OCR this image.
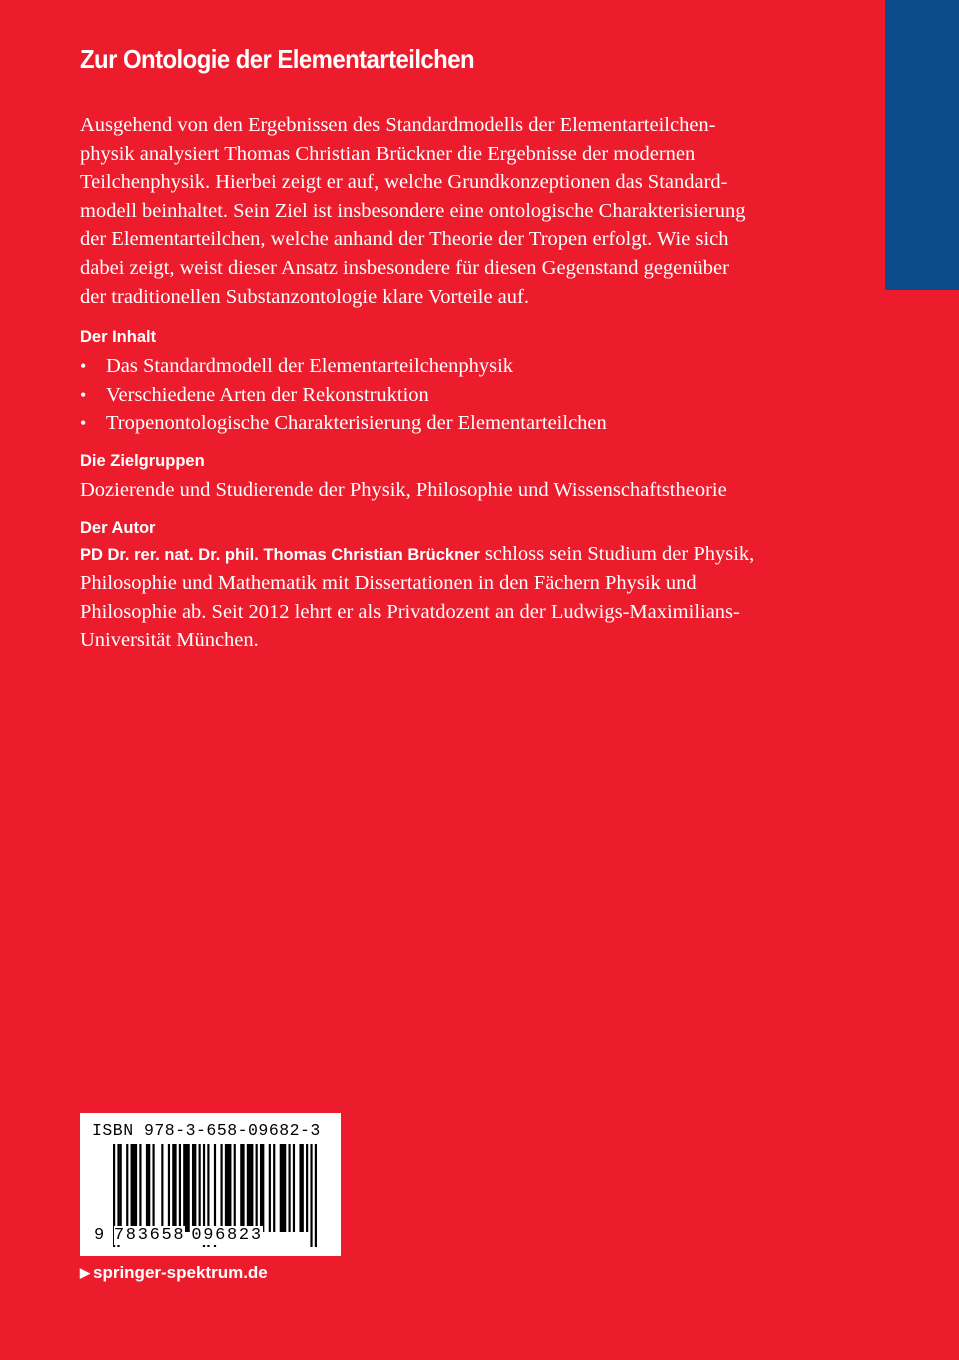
Zur Ontologie der Elementarteilchen

Ausgehend von den Ergebnissen des Standardmodells der Elementarteilchen-
physik analysiert Thomas Christian Brückner die Ergebnisse der modernen
Teilchenphysik. Hierbei zeigt er auf, welche Grundkonzeptionen das Standard-
modell beinhaltet. Sein Ziel ist insbesondere eine ontologische Charakterisierung
der Elementarteilchen, welche anhand der Theorie der Tropen erfolgt. Wie sich
dabei zeigt, weist dieser Ansatz insbesondere für diesen Gegenstand gegenüber
der traditionellen Substanzontologie klare Vorteile auf.

Der Inhalt
• Das Standardmodell der Elementarteilchenphysik
• Verschiedene Arten der Rekonstruktion
• Tropenontologische Charakterisierung der Elementarteilchen
Die Zielgruppen
Dozierende und Studierende der Physik, Philosophie und Wissenschaftstheorie
Der Autor
PD Dr. rer. nat. Dr. phil. Thomas Christian Brückner schloss sein Studium der Physik,
Philosophie und Mathematik mit Dissertationen in den Fächern Physik und
Philosophie ab. Seit 2012 lehrt er als Privatdozent an der Ludwigs-Maximilians-
Universität München.
ISBN 978-3-658-09682-3
9 783658 096823
▶ springer-spektrum.de
